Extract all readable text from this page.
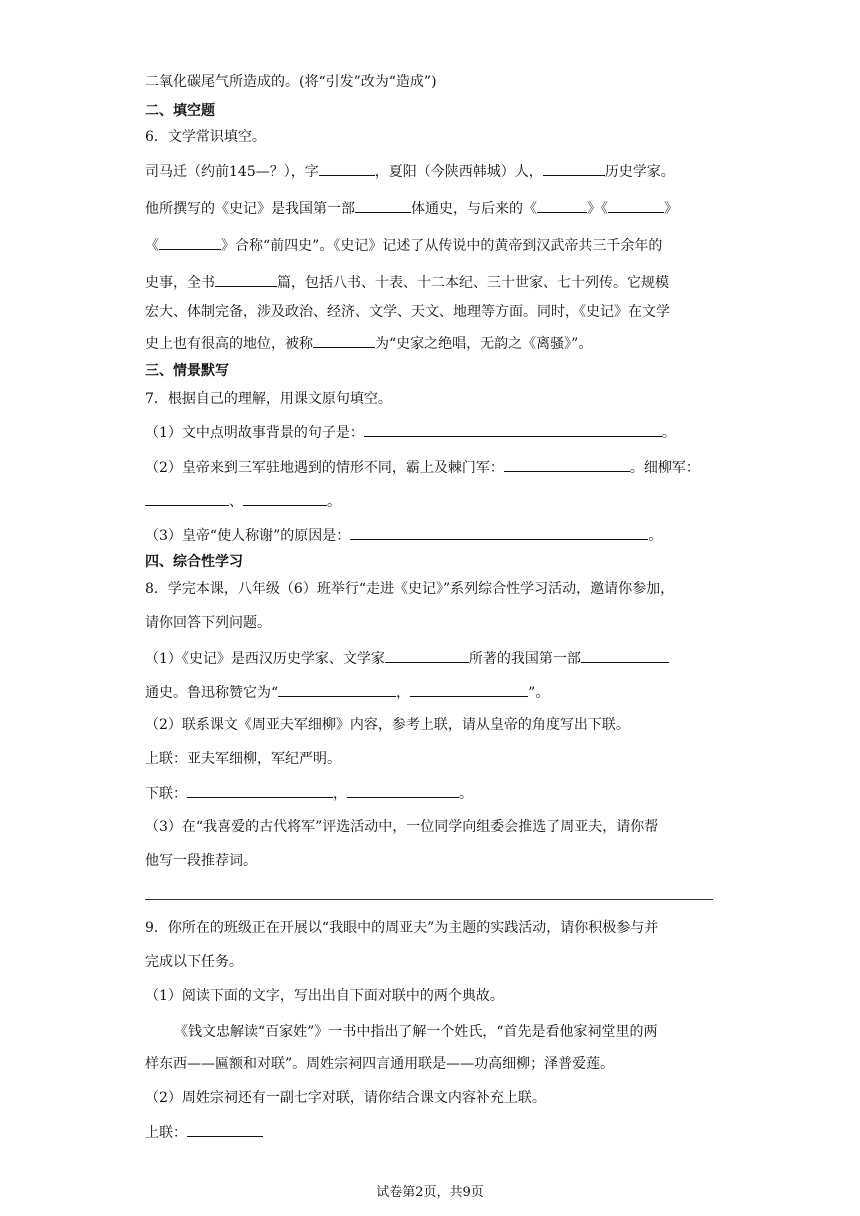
二氧化碳尾气所造成的。(将“引发”改为“造成”)
二、填空题
6．文学常识填空。
司马迁（约前145—？），字	，夏阳（今陕西韩城）人，	历史学家。
他所撰写的《史记》是我国第一部	体通史，与后来的《	》《	》
《	》合称“前四史”。《史记》记述了从传说中的黄帝到汉武帝共三千余年的
史事，全书	篇，包括八书、十表、十二本纪、三十世家、七十列传。它规模
宏大、体制完备，涉及政治、经济、文学、天文、地理等方面。同时，《史记》在文学
史上也有很高的地位，被称	为“史家之绝唱，无韵之《离骚》”。
三、情景默写
7．根据自己的理解，用课文原句填空。
（1）文中点明故事背景的句子是：	。
（2）皇帝来到三军驻地遇到的情形不同，霸上及棘门军：	。细柳军：
、	。
（3）皇帝“使人称谢”的原因是：	。
四、综合性学习
8．学完本课，八年级（6）班举行“走进《史记》”系列综合性学习活动，邀请你参加，
请你回答下列问题。
（1）《史记》是西汉历史学家、文学家	所著的我国第一部
通史。鲁迅称赞它为“	，	”。
（2）联系课文《周亚夫军细柳》内容，参考上联，请从皇帝的角度写出下联。
上联：亚夫军细柳，军纪严明。
下联：	，	。
（3）在“我喜爱的古代将军”评选活动中，一位同学向组委会推选了周亚夫，请你帮
他写一段推荐词。
9．你所在的班级正在开展以“我眼中的周亚夫”为主题的实践活动，请你积极参与并
完成以下任务。
（1）阅读下面的文字，写出出自下面对联中的两个典故。
《钱文忠解读“百家姓”》一书中指出了解一个姓氏，“首先是看他家祠堂里的两
样东西——匾额和对联”。周姓宗祠四言通用联是——功高细柳；泽普爱莲。
（2）周姓宗祠还有一副七字对联，请你结合课文内容补充上联。
上联：
试卷第2页，共9页
